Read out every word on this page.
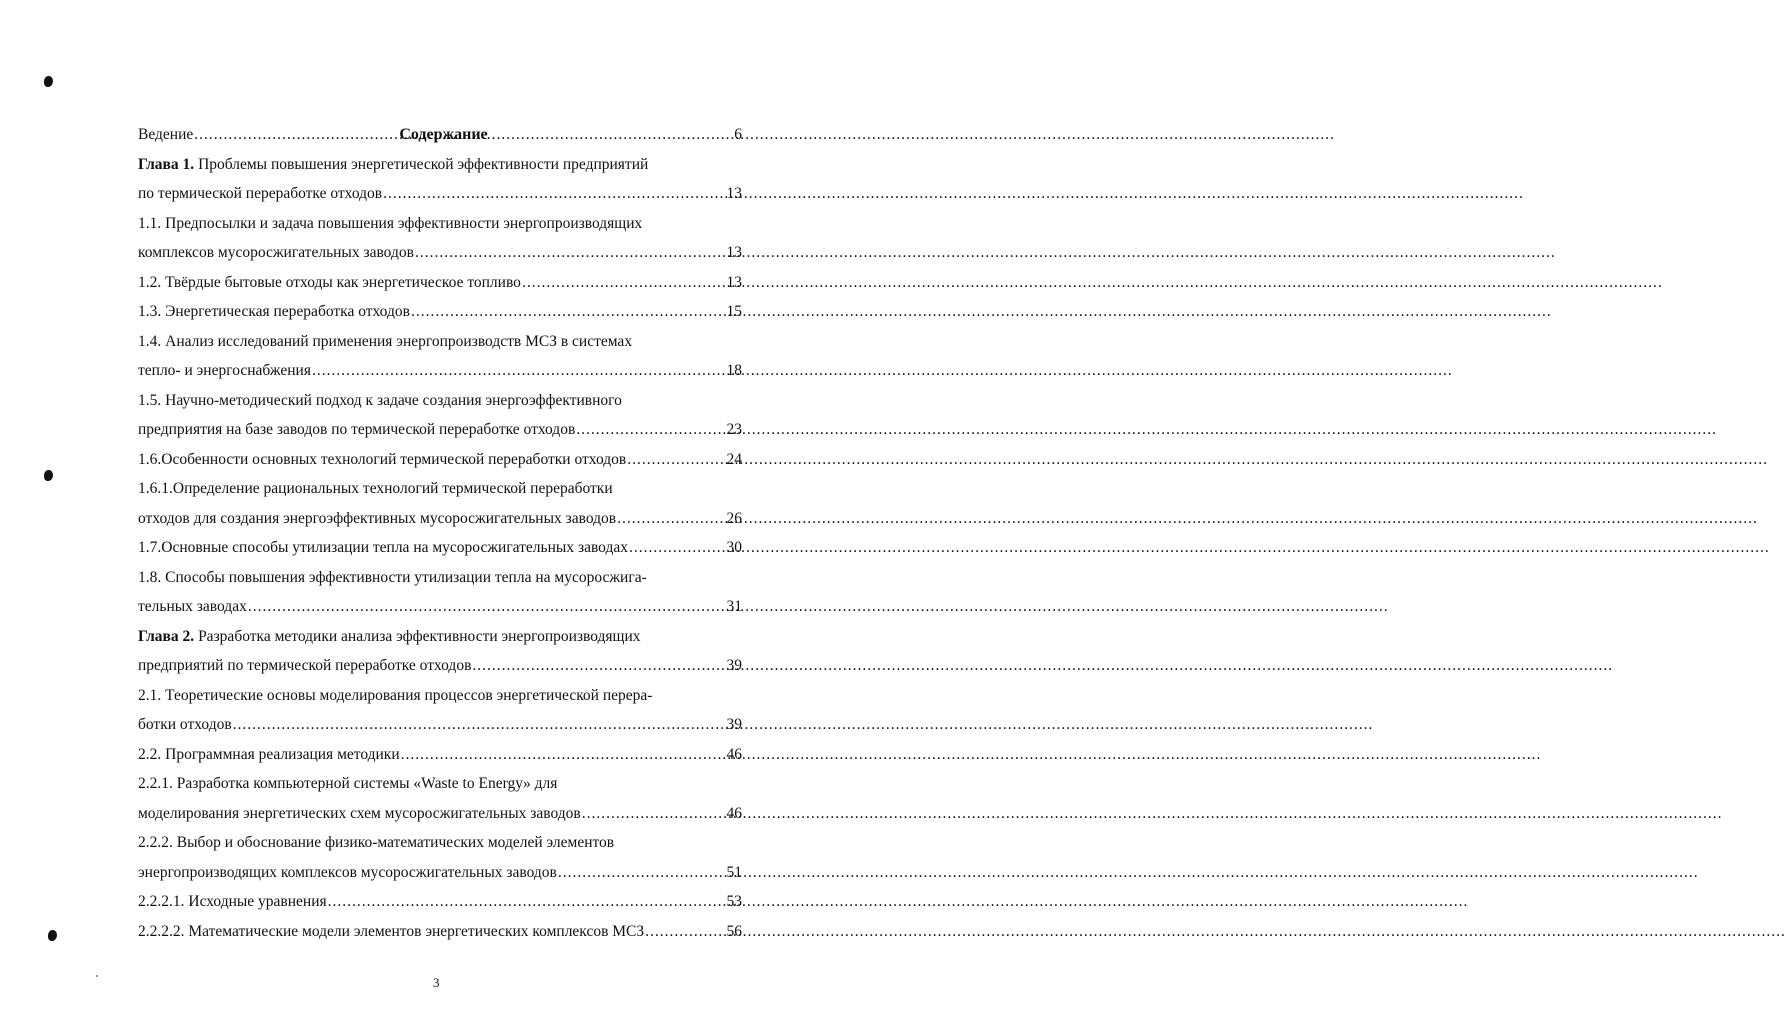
Содержание
Ведение .....	6
Глава 1. Проблемы повышения энергетической эффективности предприятий
по термической переработке отходов .....	13
1.1. Предпосылки и задача повышения эффективности энергопроизводящих
комплексов мусоросжигательных заводов .....	13
1.2. Твёрдые бытовые отходы как энергетическое топливо .....	13
1.3. Энергетическая переработка отходов .....	15
1.4. Анализ исследований применения энергопроизводств МСЗ в системах
тепло- и энергоснабжения .....	18
1.5. Научно-методический подход к задаче создания энергоэффективного
предприятия на базе заводов по термической переработке отходов .....	23
1.6.Особенности основных технологий термической переработки отходов .....	24
1.6.1.Определение рациональных технологий термической переработки
отходов для создания энергоэффективных мусоросжигательных заводов .....	26
1.7.Основные способы утилизации тепла на мусоросжигательных заводах .....	30
1.8. Способы повышения эффективности утилизации тепла на мусоросжига-
тельных заводах .....	31
Глава 2. Разработка методики анализа эффективности энергопроизводящих
предприятий по термической переработке отходов .....	39
2.1. Теоретические основы моделирования процессов энергетической перера-
ботки отходов .....	39
2.2. Программная реализация методики .....	46
2.2.1. Разработка компьютерной системы «Waste to Energy» для
моделирования энергетических схем мусоросжигательных заводов .....	46
2.2.2. Выбор и обоснование физико-математических моделей элементов
энергопроизводящих комплексов мусоросжигательных заводов .....	51
2.2.2.1. Исходные уравнения .....	53
2.2.2.2. Математические модели элементов энергетических комплексов МСЗ .....	56
3
